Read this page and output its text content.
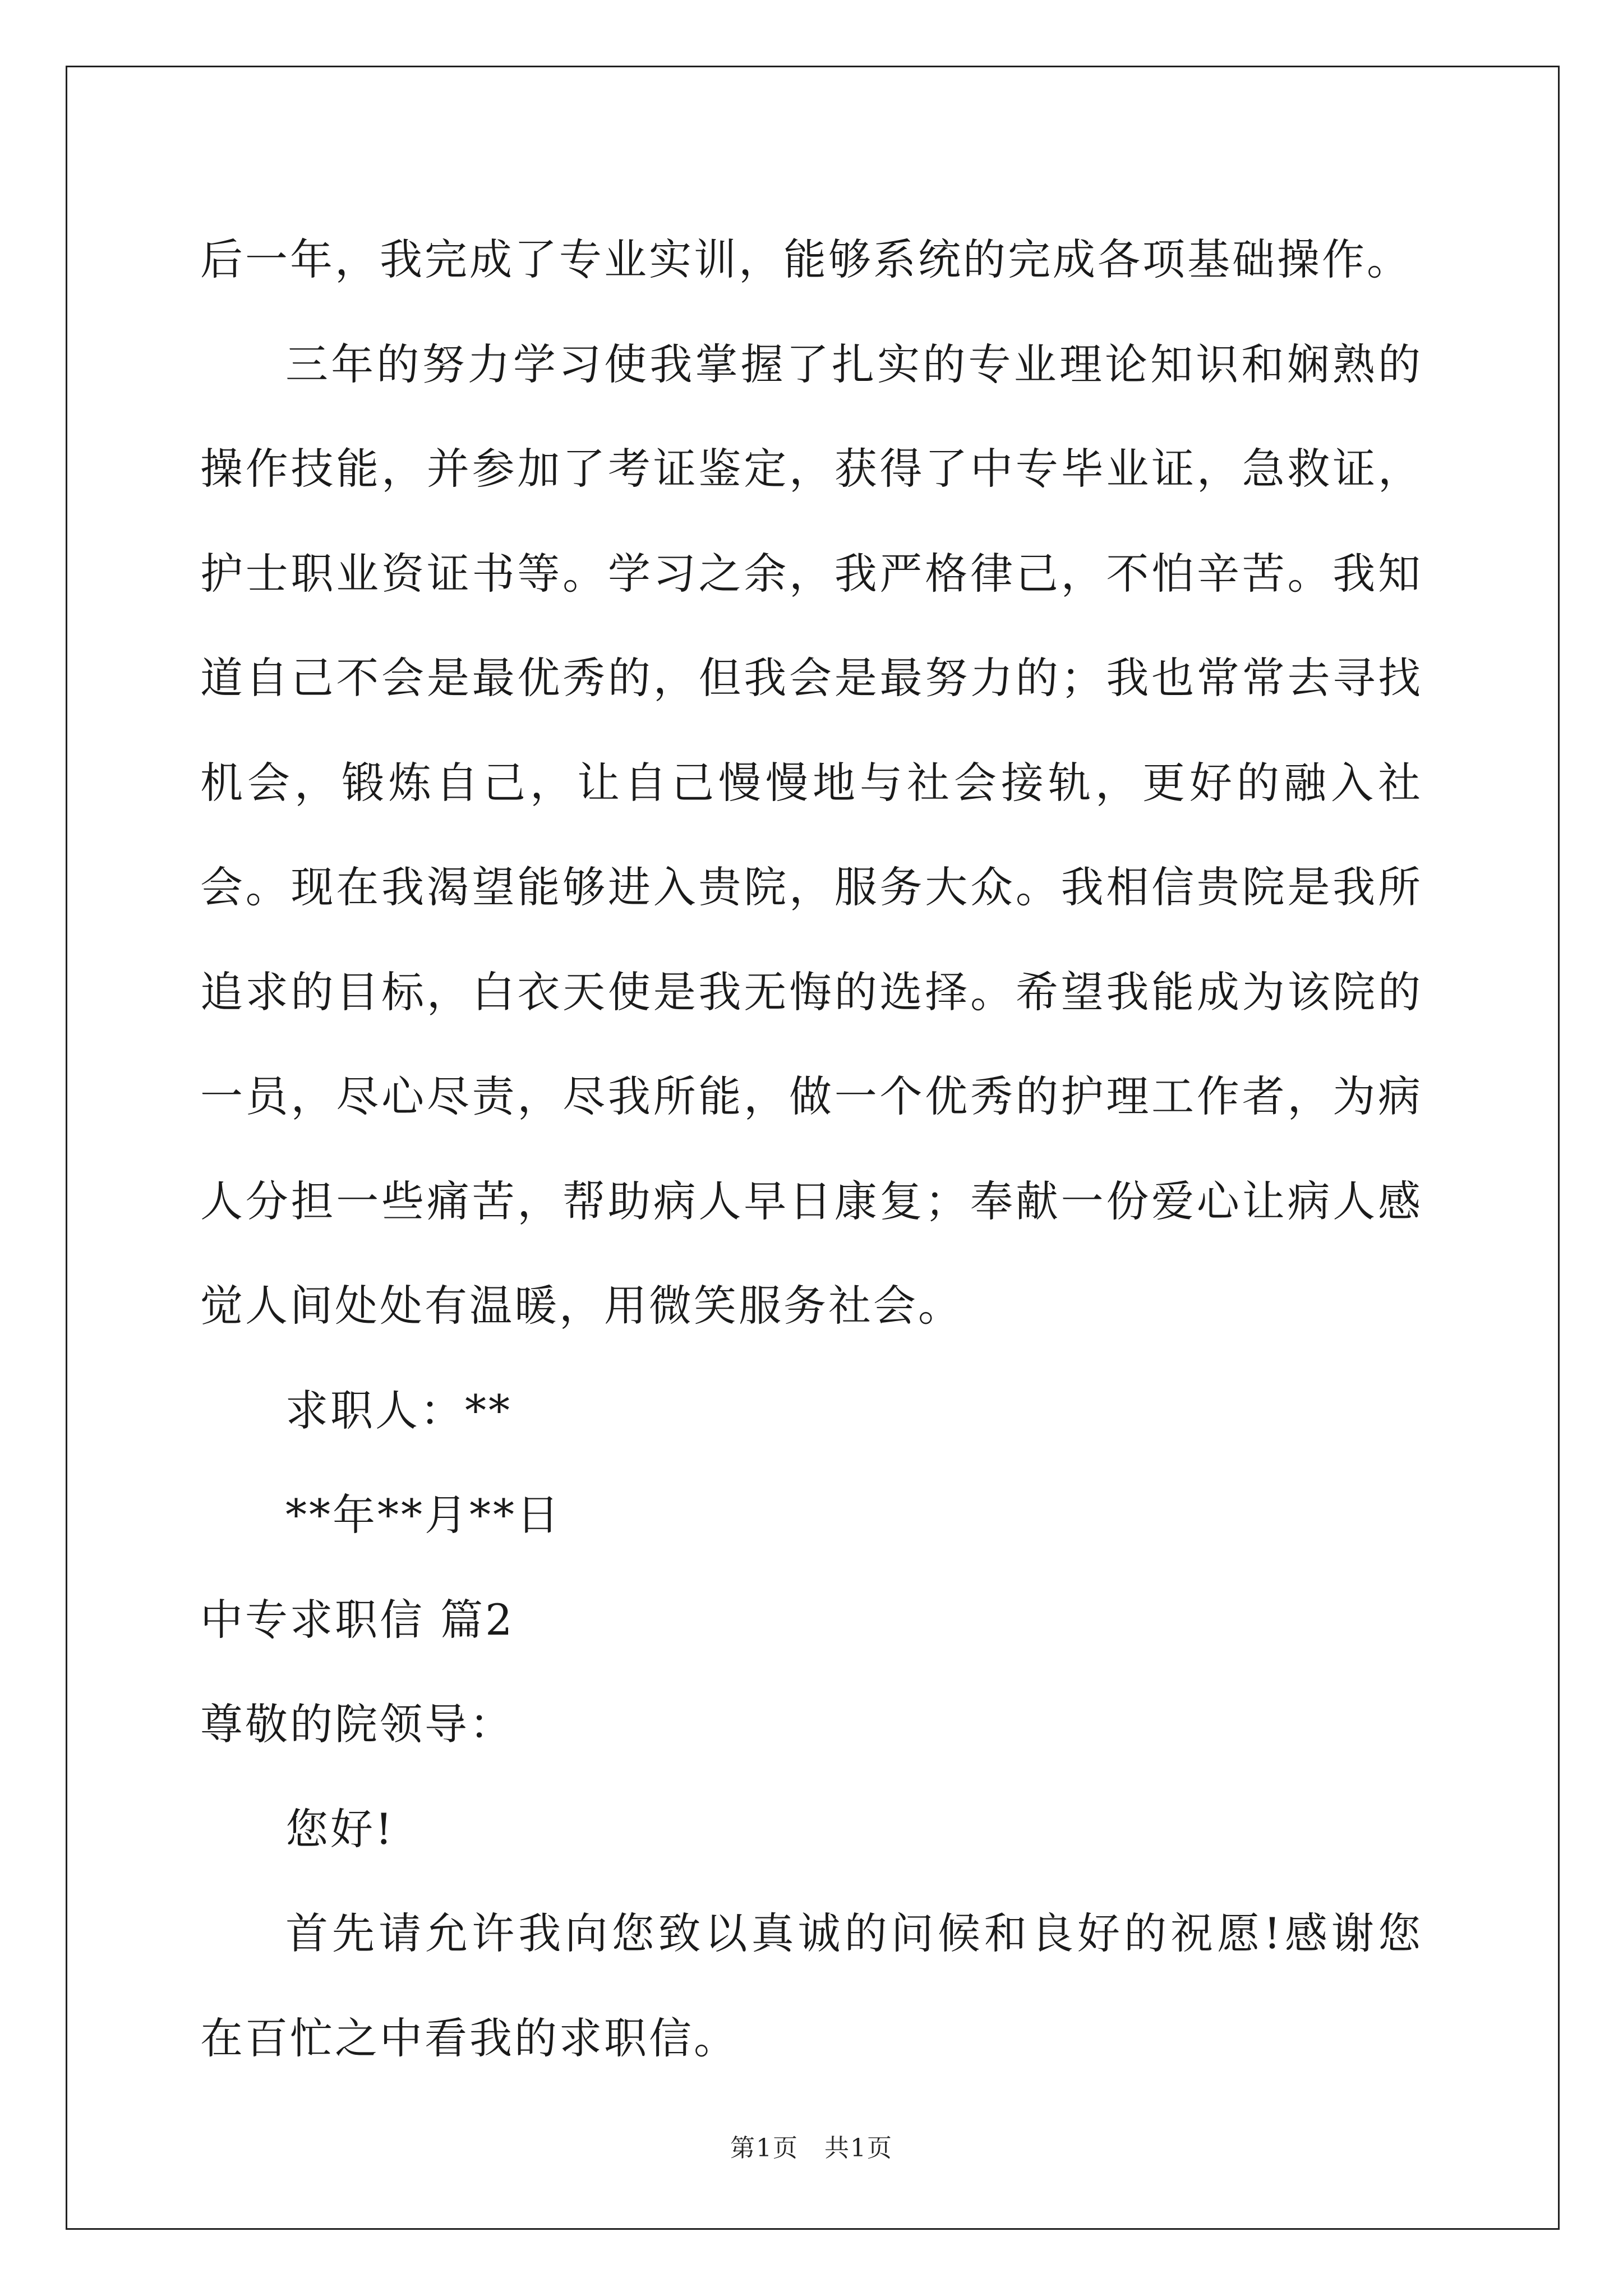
后一年，我完成了专业实训，能够系统的完成各项基础操作。

三年的努力学习使我掌握了扎实的专业理论知识和娴熟的操作技能，并参加了考证鉴定，获得了中专毕业证，急救证，护士职业资证书等。学习之余，我严格律己，不怕辛苦。我知道自己不会是最优秀的，但我会是最努力的；我也常常去寻找机会，锻炼自己，让自己慢慢地与社会接轨，更好的融入社会。现在我渴望能够进入贵院，服务大众。我相信贵院是我所追求的目标，白衣天使是我无悔的选择。希望我能成为该院的一员，尽心尽责，尽我所能，做一个优秀的护理工作者，为病人分担一些痛苦，帮助病人早日康复；奉献一份爱心让病人感觉人间处处有温暖，用微笑服务社会。

求职人：**

**年**月**日

中专求职信 篇2

尊敬的院领导：

您好!

首先请允许我向您致以真诚的问候和良好的祝愿!感谢您在百忙之中看我的求职信。

第1页　共1页
